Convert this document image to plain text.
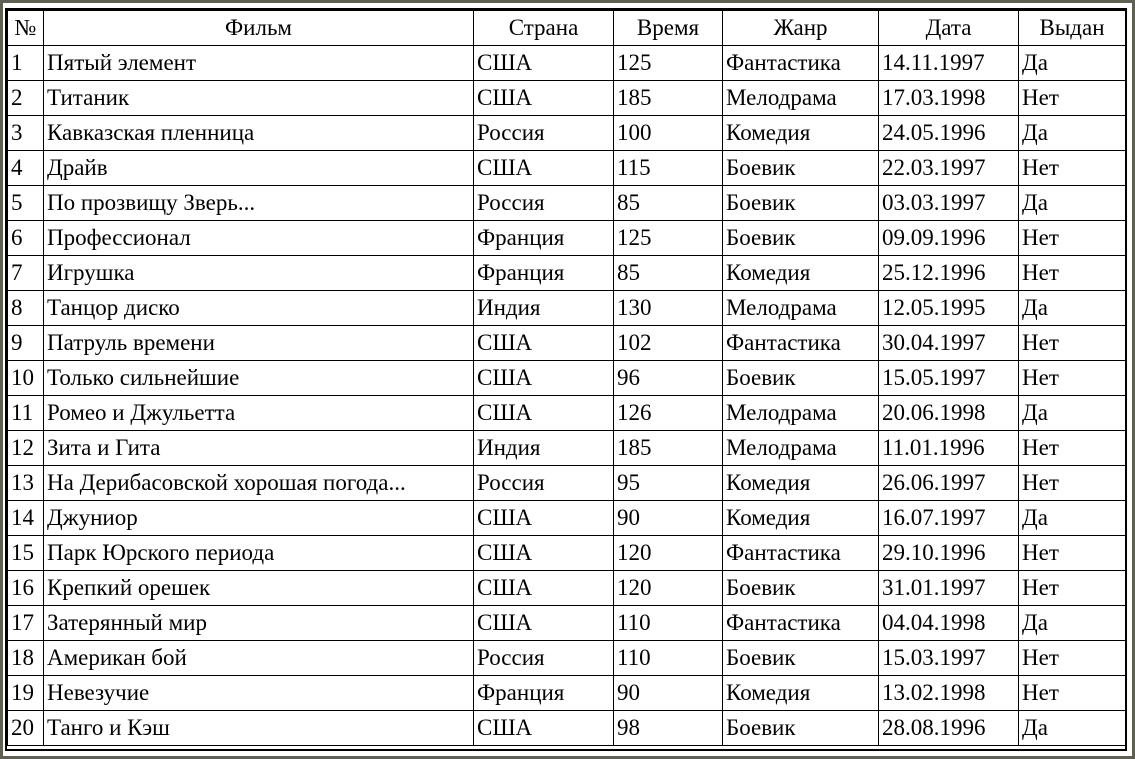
№	Фильм	Страна	Время	Жанр	Дата	Выдан
1	Пятый элемент	США	125	Фантастика	14.11.1997	Да
2	Титаник	США	185	Мелодрама	17.03.1998	Нет
3	Кавказская пленница	Россия	100	Комедия	24.05.1996	Да
4	Драйв	США	115	Боевик	22.03.1997	Нет
5	По прозвищу Зверь...	Россия	85	Боевик	03.03.1997	Да
6	Профессионал	Франция	125	Боевик	09.09.1996	Нет
7	Игрушка	Франция	85	Комедия	25.12.1996	Нет
8	Танцор диско	Индия	130	Мелодрама	12.05.1995	Да
9	Патруль времени	США	102	Фантастика	30.04.1997	Нет
10	Только сильнейшие	США	96	Боевик	15.05.1997	Нет
11	Ромео и Джульетта	США	126	Мелодрама	20.06.1998	Да
12	Зита и Гита	Индия	185	Мелодрама	11.01.1996	Нет
13	На Дерибасовской хорошая погода...	Россия	95	Комедия	26.06.1997	Нет
14	Джуниор	США	90	Комедия	16.07.1997	Да
15	Парк Юрского периода	США	120	Фантастика	29.10.1996	Нет
16	Крепкий орешек	США	120	Боевик	31.01.1997	Нет
17	Затерянный мир	США	110	Фантастика	04.04.1998	Да
18	Американ бой	Россия	110	Боевик	15.03.1997	Нет
19	Невезучие	Франция	90	Комедия	13.02.1998	Нет
20	Танго и Кэш	США	98	Боевик	28.08.1996	Да
